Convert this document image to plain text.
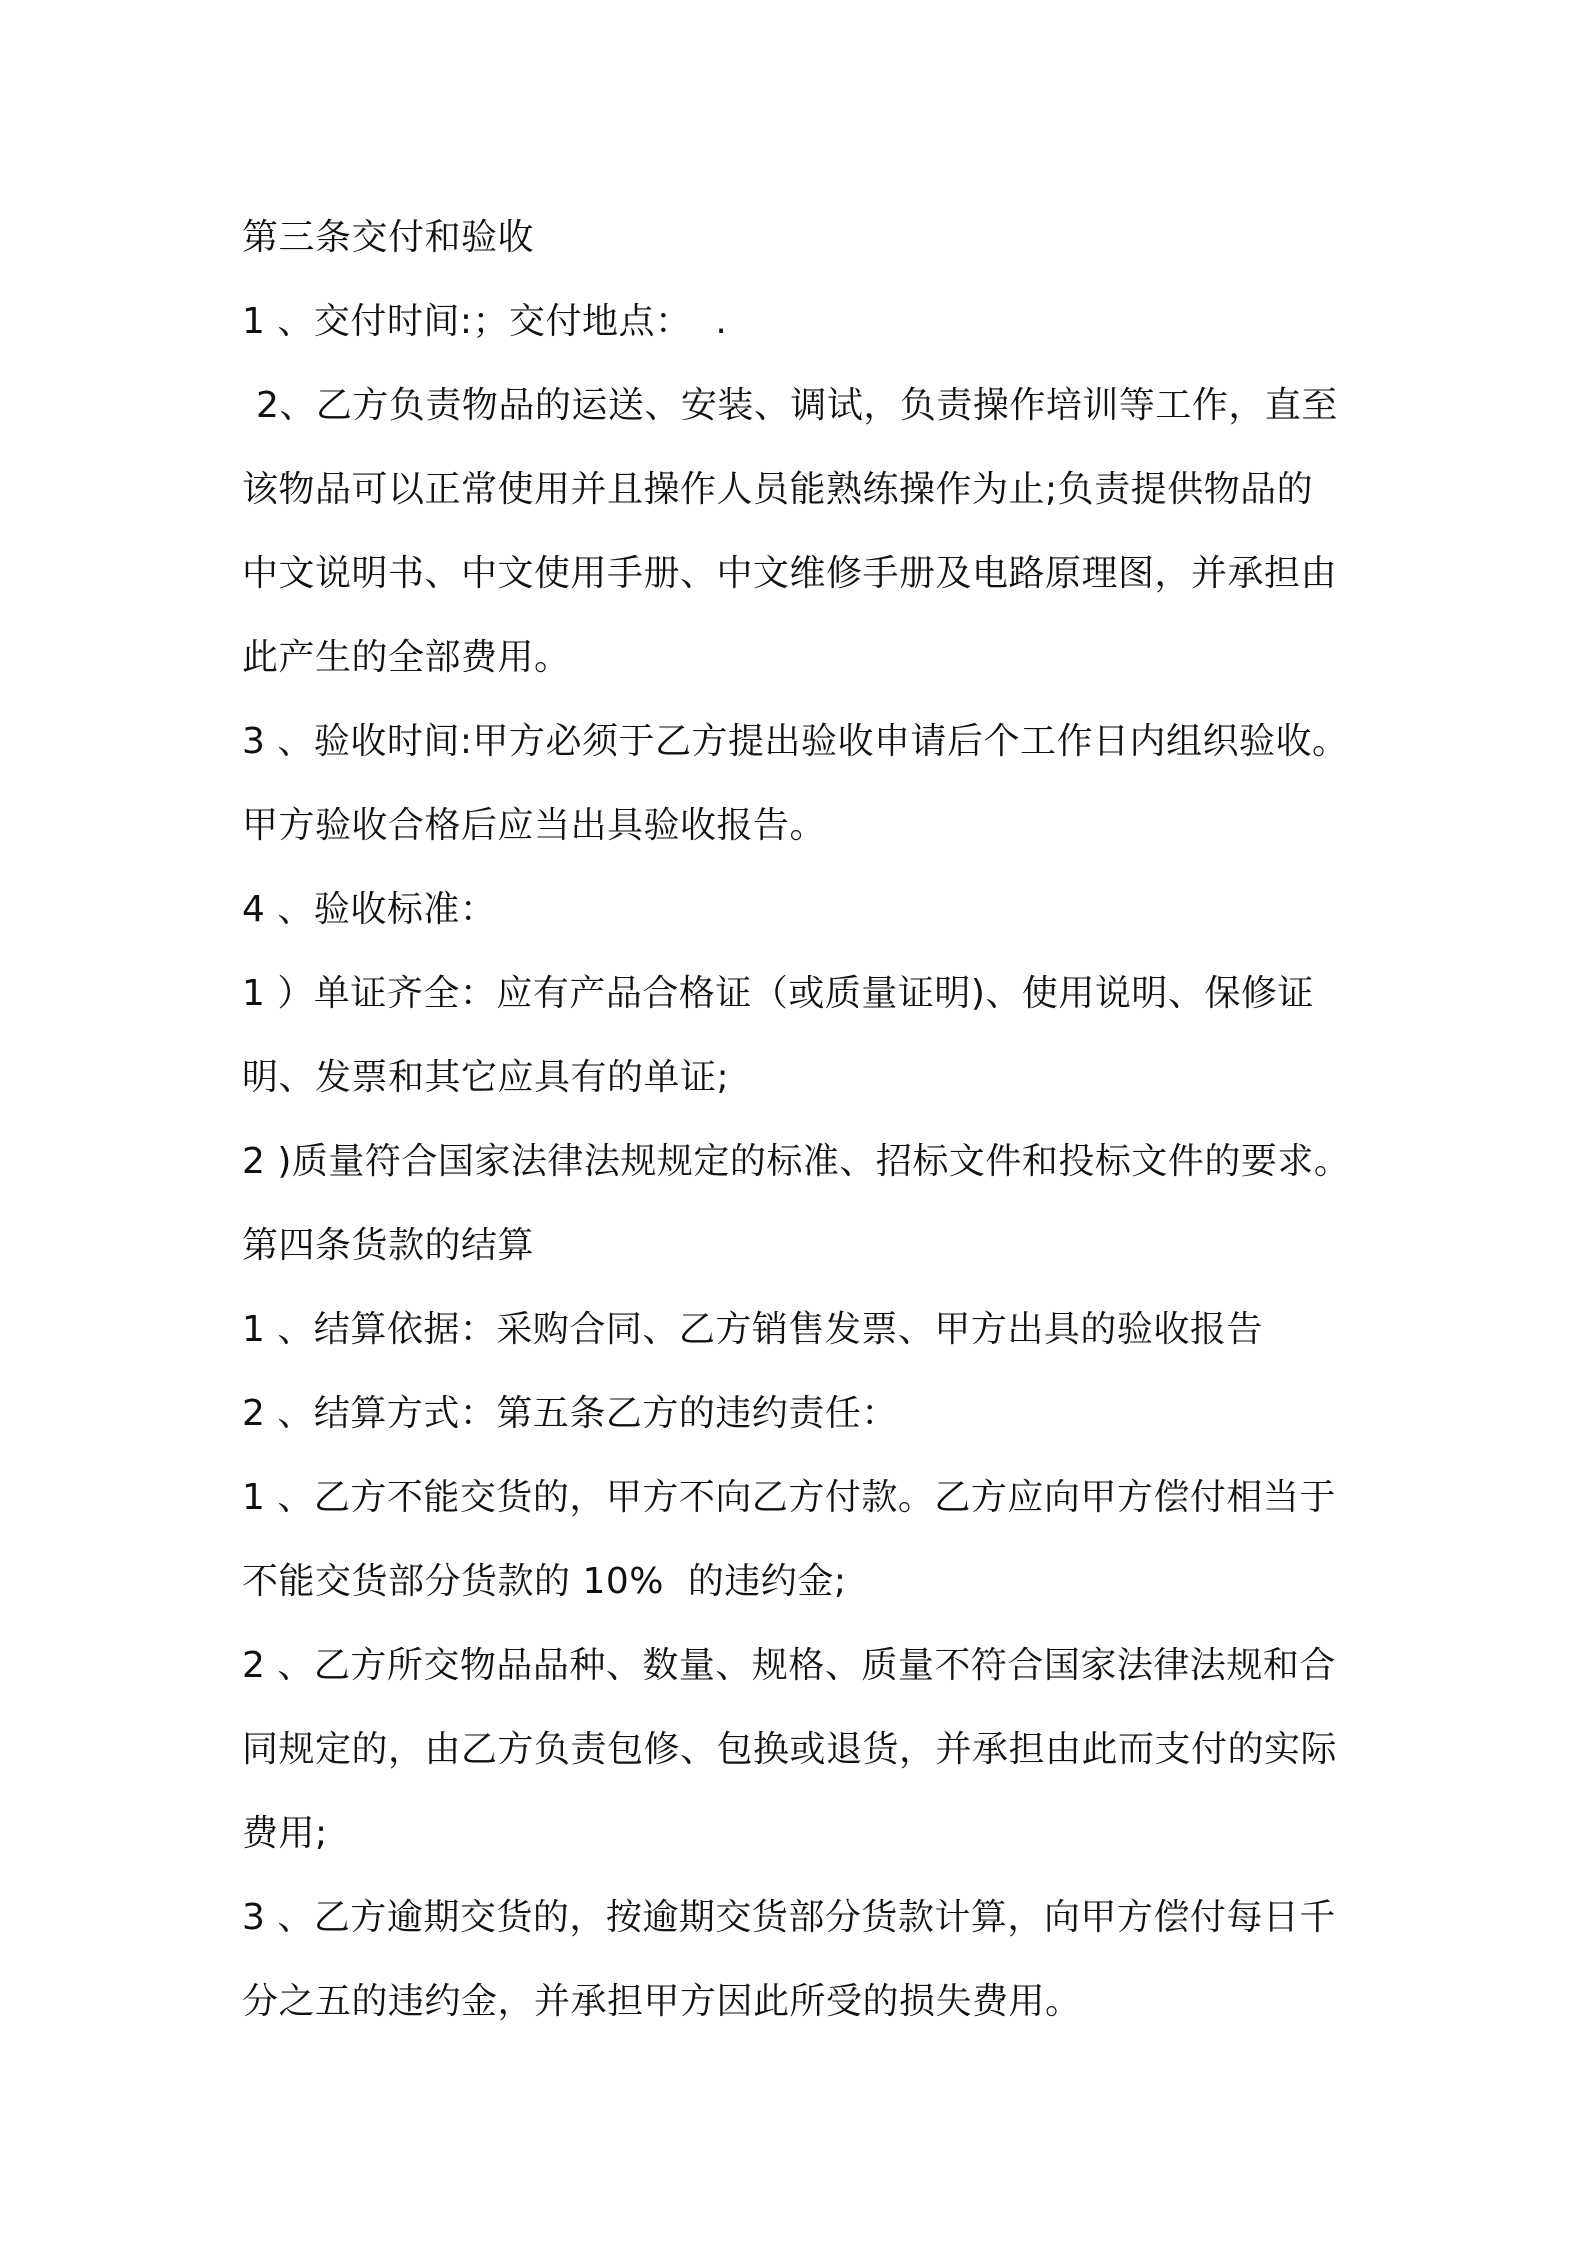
第三条交付和验收

1 、交付时间:；交付地点：  .

2、乙方负责物品的运送、安装、调试，负责操作培训等工作，直至

该物品可以正常使用并且操作人员能熟练操作为止;负责提供物品的

中文说明书、中文使用手册、中文维修手册及电路原理图，并承担由

此产生的全部费用。

3 、验收时间:甲方必须于乙方提出验收申请后个工作日内组织验收。

甲方验收合格后应当出具验收报告。

4 、验收标准：

1 ）单证齐全：应有产品合格证（或质量证明)、使用说明、保修证

明、发票和其它应具有的单证;

2 )质量符合国家法律法规规定的标准、招标文件和投标文件的要求。

第四条货款的结算

1 、结算依据：采购合同、乙方销售发票、甲方出具的验收报告

2 、结算方式：第五条乙方的违约责任：

1 、乙方不能交货的，甲方不向乙方付款。乙方应向甲方偿付相当于

不能交货部分货款的 10%  的违约金;

2 、乙方所交物品品种、数量、规格、质量不符合国家法律法规和合

同规定的，由乙方负责包修、包换或退货，并承担由此而支付的实际

费用;

3 、乙方逾期交货的，按逾期交货部分货款计算，向甲方偿付每日千

分之五的违约金，并承担甲方因此所受的损失费用。
